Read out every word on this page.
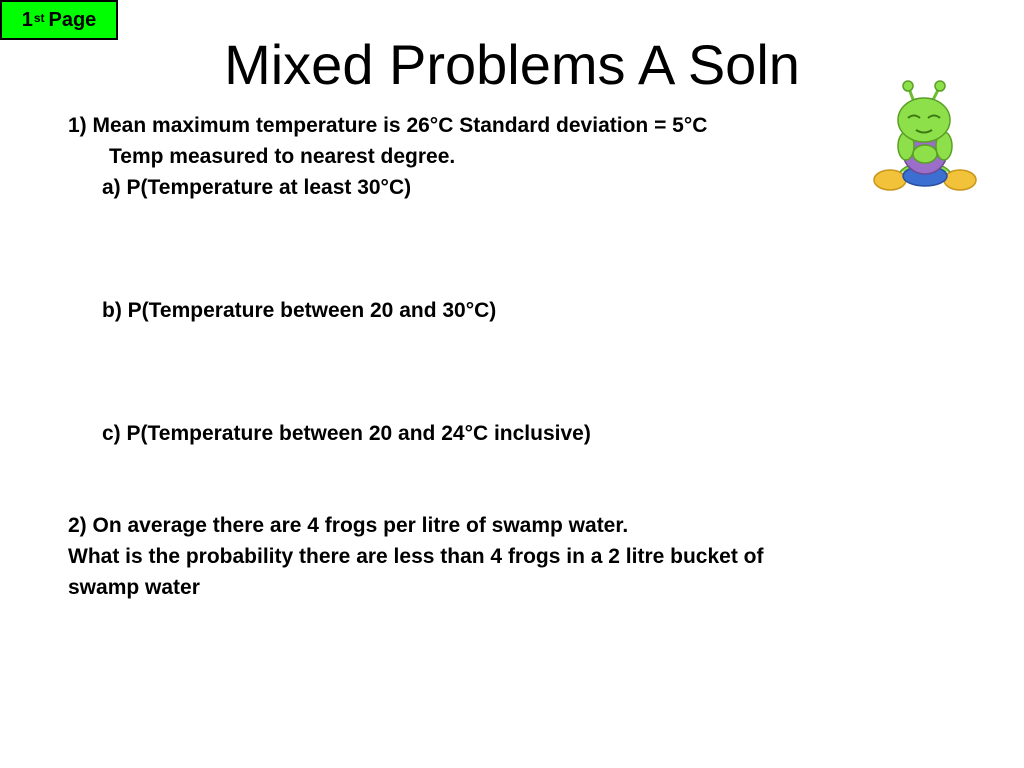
1st Page
Mixed Problems A Soln

1) Mean maximum temperature is 26°C Standard deviation = 5°C

Temp measured to nearest degree.

a) P(Temperature at least 30°C)

b) P(Temperature between 20 and 30°C)

c) P(Temperature between 20 and 24°C inclusive)

2) On average there are 4 frogs per litre of swamp water.

What is the probability there are less than 4 frogs in a 2 litre bucket of

swamp water
